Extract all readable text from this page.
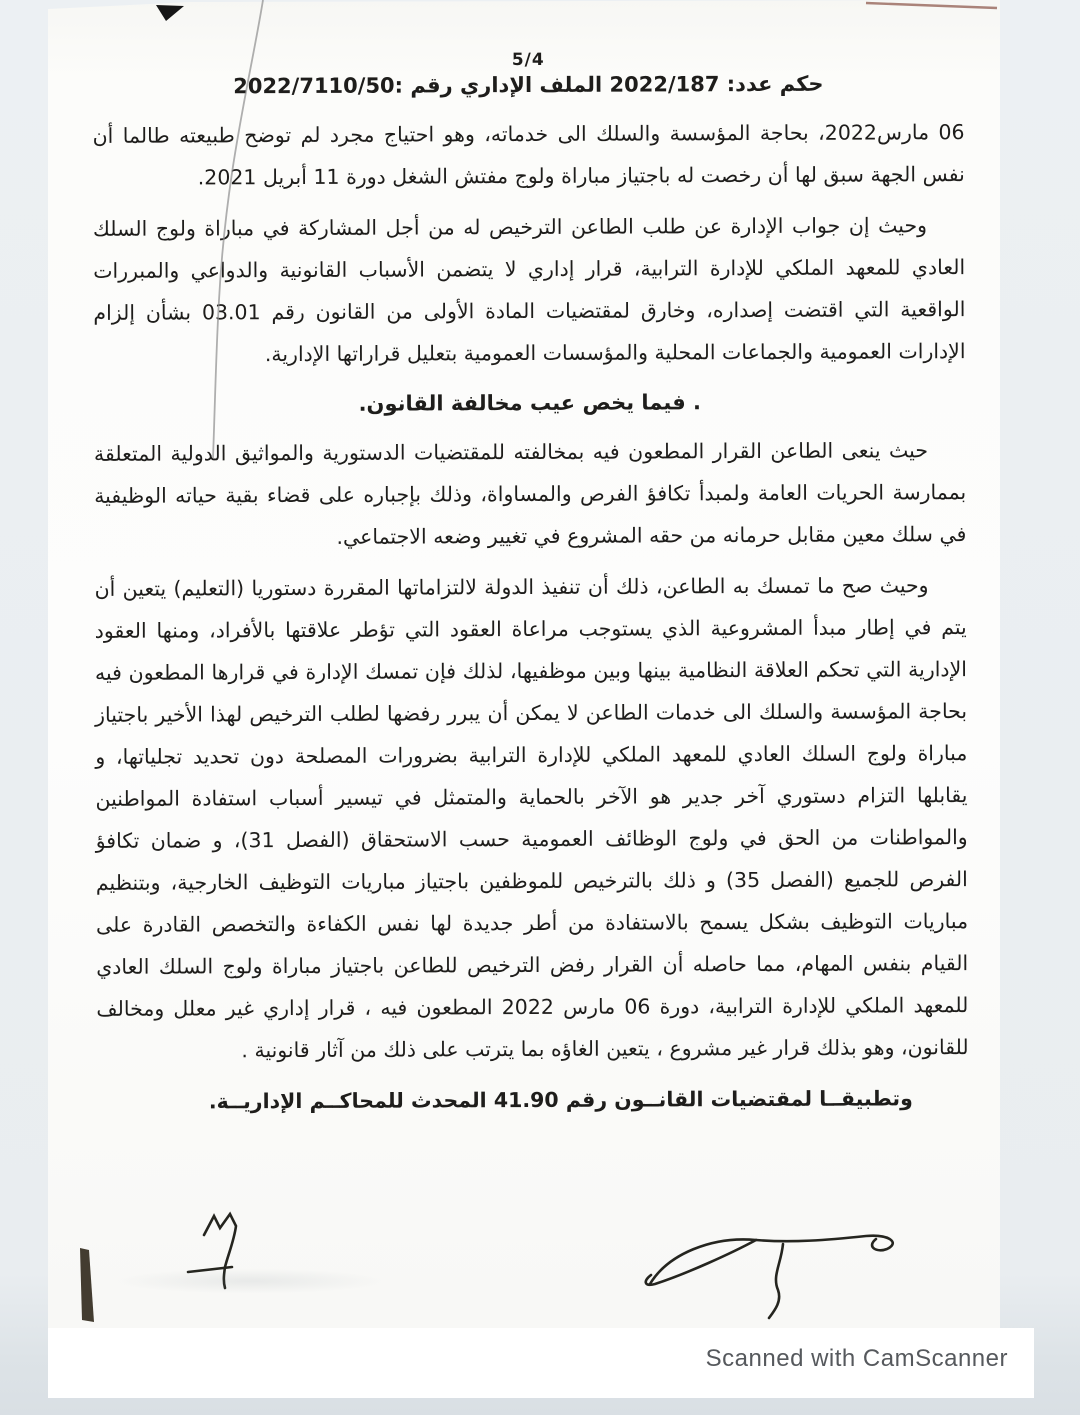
5/4
حكم عدد: 2022/187 الملف الإداري رقم :2022/7110/50

06 مارس2022، بحاجة المؤسسة والسلك الى خدماته، وهو احتياج مجرد لم توضح طبيعته طالما أن نفس الجهة سبق لها أن رخصت له باجتياز مباراة ولوج مفتش الشغل دورة 11 أبريل 2021.

وحيث إن جواب الإدارة عن طلب الطاعن الترخيص له من أجل المشاركة في مباراة ولوج السلك العادي للمعهد الملكي للإدارة الترابية، قرار إداري لا يتضمن الأسباب القانونية والدواعي والمبررات الواقعية التي اقتضت إصداره، وخارق لمقتضيات المادة الأولى من القانون رقم 03.01 بشأن إلزام الإدارات العمومية والجماعات المحلية والمؤسسات العمومية بتعليل قراراتها الإدارية.

. فيما يخص عيب مخالفة القانون.

حيث ينعى الطاعن القرار المطعون فيه بمخالفته للمقتضيات الدستورية والمواثيق الدولية المتعلقة بممارسة الحريات العامة ولمبدأ تكافؤ الفرص والمساواة، وذلك بإجباره على قضاء بقية حياته الوظيفية في سلك معين مقابل حرمانه من حقه المشروع في تغيير وضعه الاجتماعي.

وحيث صح ما تمسك به الطاعن، ذلك أن تنفيذ الدولة لالتزاماتها المقررة دستوريا (التعليم) يتعين أن يتم في إطار مبدأ المشروعية الذي يستوجب مراعاة العقود التي تؤطر علاقتها بالأفراد، ومنها العقود الإدارية التي تحكم العلاقة النظامية بينها وبين موظفيها، لذلك فإن تمسك الإدارة في قرارها المطعون فيه بحاجة المؤسسة والسلك الى خدمات الطاعن لا يمكن أن يبرر رفضها لطلب الترخيص لهذا الأخير باجتياز مباراة ولوج السلك العادي للمعهد الملكي للإدارة الترابية بضرورات المصلحة دون تحديد تجلياتها، و يقابلها التزام دستوري آخر جدير هو الآخر بالحماية والمتمثل في تيسير أسباب استفادة المواطنين والمواطنات من الحق في ولوج الوظائف العمومية حسب الاستحقاق (الفصل 31)، و ضمان تكافؤ الفرص للجميع (الفصل 35) و ذلك بالترخيص للموظفين باجتياز مباريات التوظيف الخارجية، وبتنظيم مباريات التوظيف بشكل يسمح بالاستفادة من أطر جديدة لها نفس الكفاءة والتخصص القادرة على القيام بنفس المهام، مما حاصله أن القرار رفض الترخيص للطاعن باجتياز مباراة ولوج السلك العادي للمعهد الملكي للإدارة الترابية، دورة 06 مارس 2022 المطعون فيه ، قرار إداري غير معلل ومخالف للقانون، وهو بذلك قرار غير مشروع ، يتعين الغاؤه بما يترتب على ذلك من آثار قانونية .

وتطبيقــا لمقتضيات القانــون رقم 41.90 المحدث للمحاكــم الإداريــة.

Scanned with CamScanner
